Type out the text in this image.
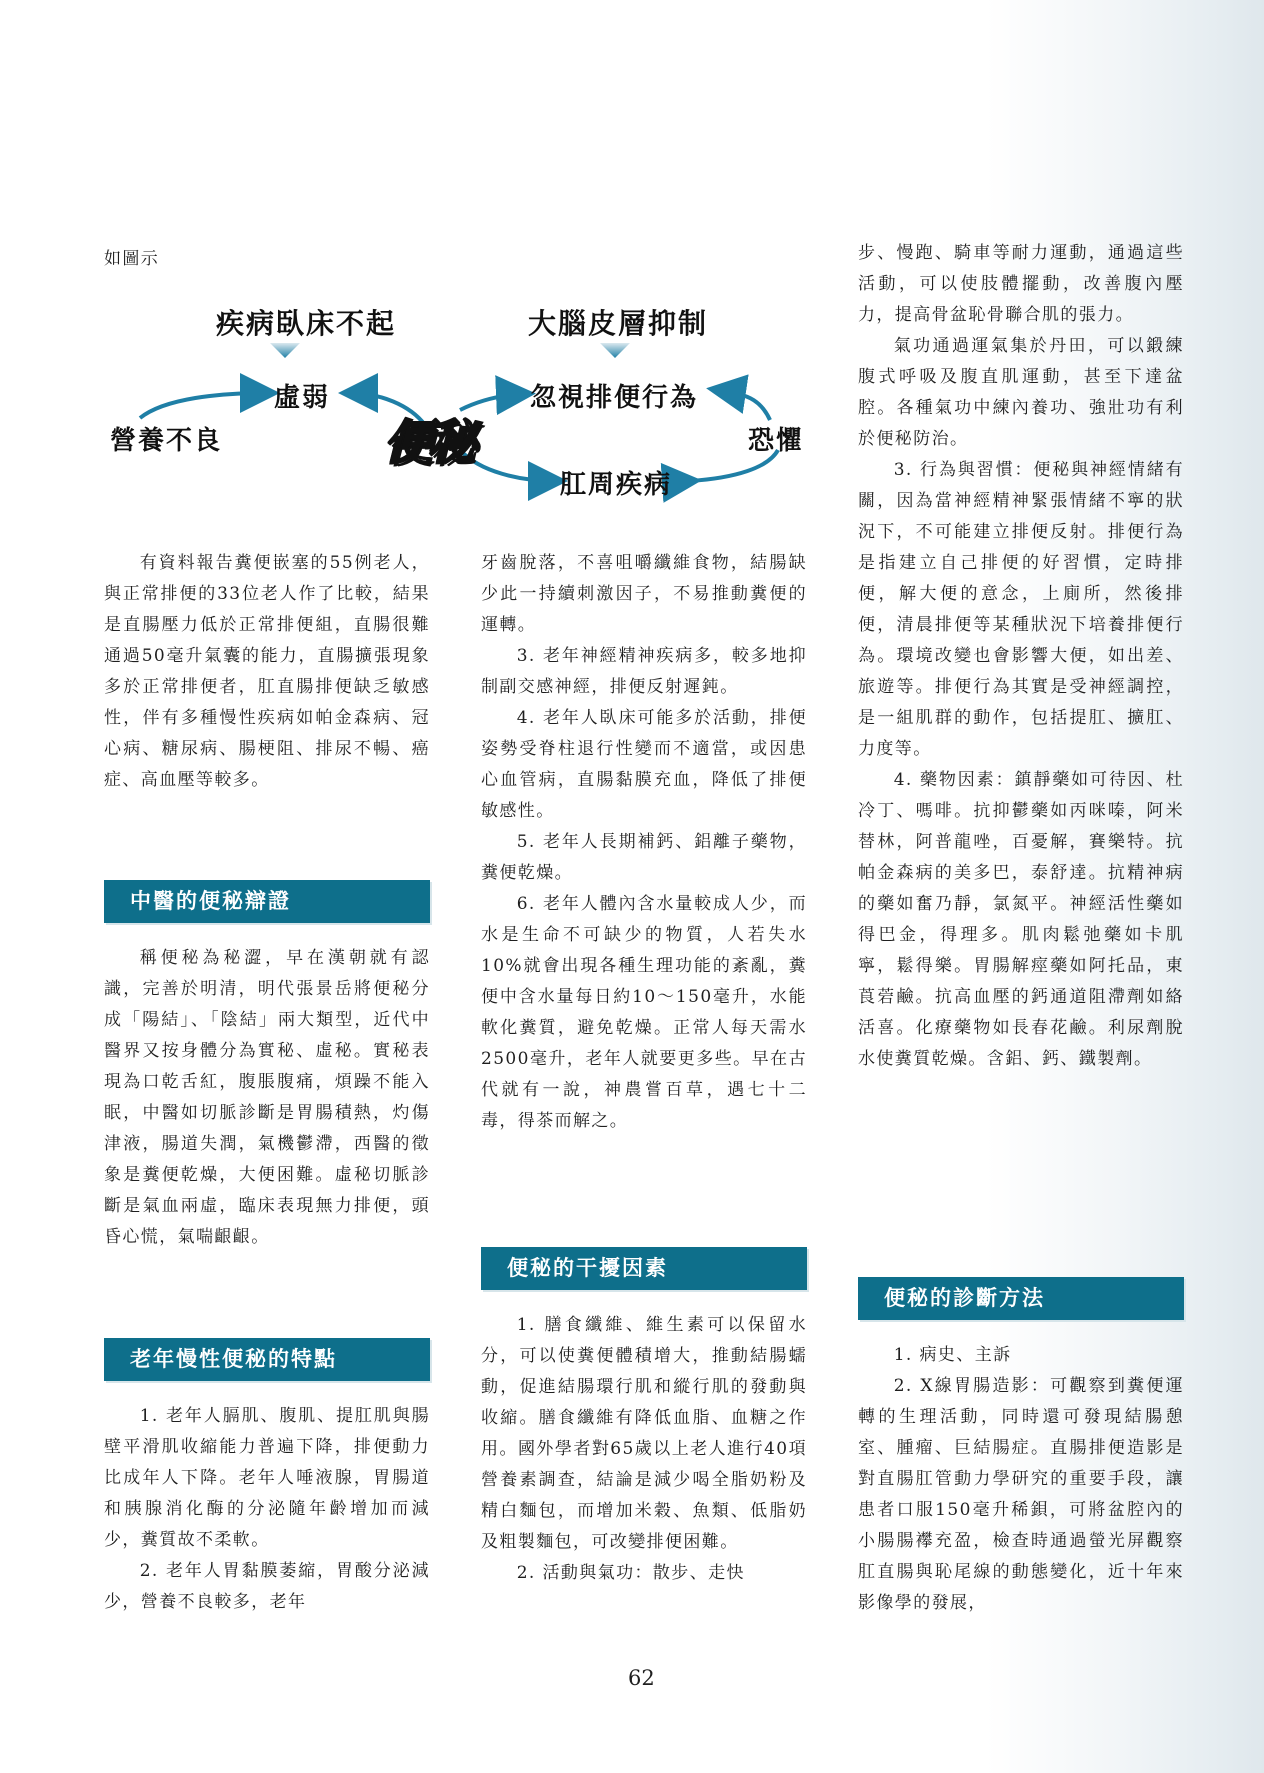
如圖示
疾病臥床不起	大腦皮層抑制
虛弱	忽視排便行為
營養不良	恐懼
肛周疾病
便秘

有資料報告糞便嵌塞的55例老人，與正常排便的33位老人作了比較，結果是直腸壓力低於正常排便組，直腸很難通過50毫升氣囊的能力，直腸擴張現象多於正常排便者，肛直腸排便缺乏敏感性，伴有多種慢性疾病如帕金森病、冠心病、糖尿病、腸梗阻、排尿不暢、癌症、高血壓等較多。

中醫的便秘辯證

稱便秘為秘澀，早在漢朝就有認識，完善於明清，明代張景岳將便秘分成「陽結」、「陰結」兩大類型，近代中醫界又按身體分為實秘、虛秘。實秘表現為口乾舌紅，腹脹腹痛，煩躁不能入眠，中醫如切脈診斷是胃腸積熱，灼傷津液，腸道失潤，氣機鬱滯，西醫的徵象是糞便乾燥，大便困難。虛秘切脈診斷是氣血兩虛，臨床表現無力排便，頭昏心慌，氣喘齦齦。

老年慢性便秘的特點

1. 老年人膈肌、腹肌、提肛肌與腸壁平滑肌收縮能力普遍下降，排便動力比成年人下降。老年人唾液腺，胃腸道和胰腺消化酶的分泌隨年齡增加而減少，糞質故不柔軟。

2. 老年人胃黏膜萎縮，胃酸分泌減少，營養不良較多，老年

牙齒脫落，不喜咀嚼纖維食物，結腸缺少此一持續刺激因子，不易推動糞便的運轉。

3. 老年神經精神疾病多，較多地抑制副交感神經，排便反射遲鈍。

4. 老年人臥床可能多於活動，排便姿勢受脊柱退行性變而不適當，或因患心血管病，直腸黏膜充血，降低了排便敏感性。

5. 老年人長期補鈣、鋁離子藥物，糞便乾燥。

6. 老年人體內含水量較成人少，而水是生命不可缺少的物質，人若失水10%就會出現各種生理功能的紊亂，糞便中含水量每日約10～150毫升，水能軟化糞質，避免乾燥。正常人每天需水2500毫升，老年人就要更多些。早在古代就有一說，神農嘗百草，遇七十二毒，得茶而解之。

便秘的干擾因素

1. 膳食纖維、維生素可以保留水分，可以使糞便體積增大，推動結腸蠕動，促進結腸環行肌和縱行肌的發動與收縮。膳食纖維有降低血脂、血糖之作用。國外學者對65歲以上老人進行40項營養素調查，結論是減少喝全脂奶粉及精白麵包，而增加米穀、魚類、低脂奶及粗製麵包，可改變排便困難。

2. 活動與氣功：散步、走快

步、慢跑、騎車等耐力運動，通過這些活動，可以使肢體擺動，改善腹內壓力，提高骨盆恥骨聯合肌的張力。

氣功通過運氣集於丹田，可以鍛練腹式呼吸及腹直肌運動，甚至下達盆腔。各種氣功中練內養功、強壯功有利於便秘防治。

3. 行為與習慣：便秘與神經情緒有關，因為當神經精神緊張情緒不寧的狀況下，不可能建立排便反射。排便行為是指建立自己排便的好習慣，定時排便，解大便的意念，上廁所，然後排便，清晨排便等某種狀況下培養排便行為。環境改變也會影響大便，如出差、旅遊等。排便行為其實是受神經調控，是一組肌群的動作，包括提肛、擴肛、力度等。

4. 藥物因素：鎮靜藥如可待因、杜冷丁、嗎啡。抗抑鬱藥如丙咪嗪，阿米替林，阿普龍唑，百憂解，賽樂特。抗帕金森病的美多巴，泰舒達。抗精神病的藥如奮乃靜，氯氮平。神經活性藥如得巴金，得理多。肌肉鬆弛藥如卡肌寧，鬆得樂。胃腸解痙藥如阿托品，東莨菪鹼。抗高血壓的鈣通道阻滯劑如絡活喜。化療藥物如長春花鹼。利尿劑脫水使糞質乾燥。含鋁、鈣、鐵製劑。

便秘的診斷方法

1. 病史、主訴

2. X線胃腸造影：可觀察到糞便運轉的生理活動，同時還可發現結腸憩室、腫瘤、巨結腸症。直腸排便造影是對直腸肛管動力學研究的重要手段，讓患者口服150毫升稀鋇，可將盆腔內的小腸腸襻充盈，檢查時通過螢光屏觀察肛直腸與恥尾線的動態變化，近十年來影像學的發展，

62
